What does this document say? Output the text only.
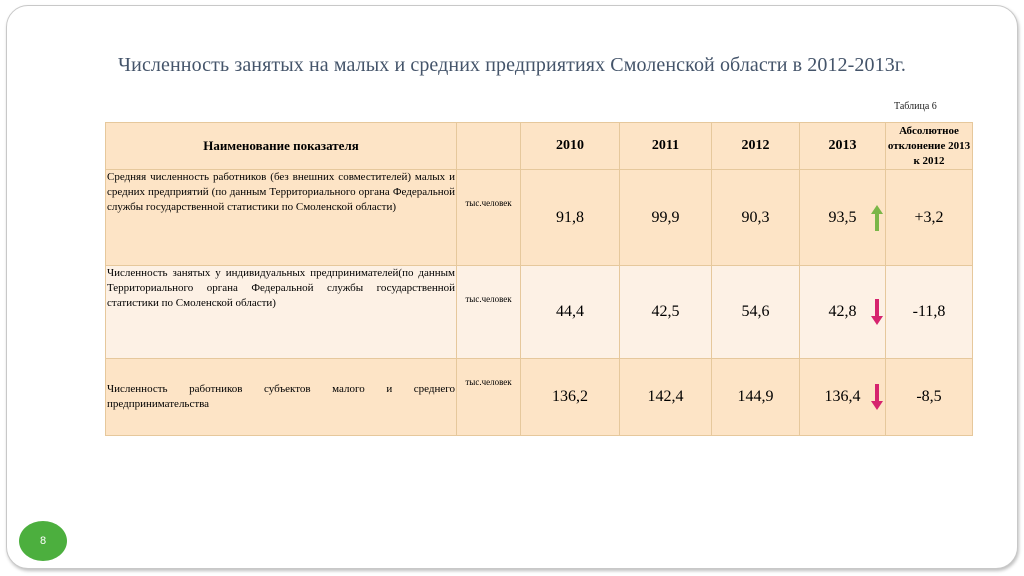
Численность занятых на малых и средних предприятиях Смоленской области в 2012-2013г.
Таблица 6
Наименование показателя		2010	2011	2012	2013	Абсолютное отклонение 2013 к 2012
Средняя численность работников (без внешних совместителей) малых и средних предприятий (по данным Территориального органа Федеральной службы государственной статистики по Смоленской области)	тыс.человек	91,8	99,9	90,3	93,5	+3,2
Численность занятых у индивидуальных предпринимателей(по данным Территориального органа Федеральной службы государственной статистики по Смоленской области)	тыс.человек	44,4	42,5	54,6	42,8	-11,8
Численность работников субъектов малого и среднего предпринимательства	тыс.человек	136,2	142,4	144,9	136,4	-8,5
8
